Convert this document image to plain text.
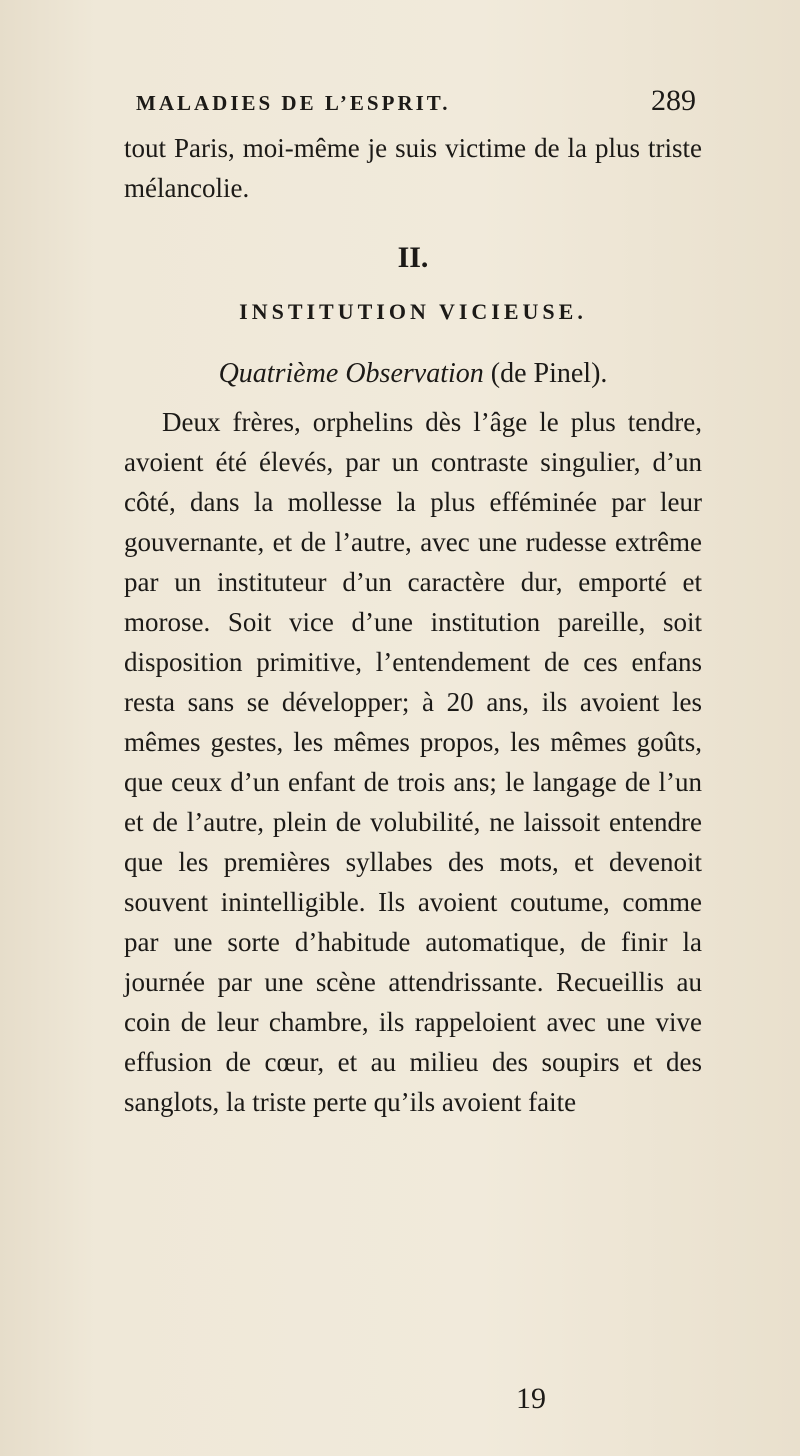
MALADIES DE L’ESPRIT.	289

tout Paris, moi-même je suis victime de la plus triste mélancolie.

II.
INSTITUTION VICIEUSE.
Quatrième Observation (de Pinel).

Deux frères, orphelins dès l’âge le plus tendre, avoient été élevés, par un contraste singulier, d’un côté, dans la mollesse la plus efféminée par leur gouvernante, et de l’autre, avec une rudesse extrême par un instituteur d’un caractère dur, emporté et morose. Soit vice d’une institution pareille, soit disposition primitive, l’entendement de ces enfans resta sans se développer; à 20 ans, ils avoient les mêmes gestes, les mêmes propos, les mêmes goûts, que ceux d’un enfant de trois ans; le langage de l’un et de l’autre, plein de volubilité, ne laissoit entendre que les premières syllabes des mots, et devenoit souvent inintelligible. Ils avoient coutume, comme par une sorte d’habitude automatique, de finir la journée par une scène attendrissante. Recueillis au coin de leur chambre, ils rappeloient avec une vive effusion de cœur, et au milieu des soupirs et des sanglots, la triste perte qu’ils avoient faite

19
